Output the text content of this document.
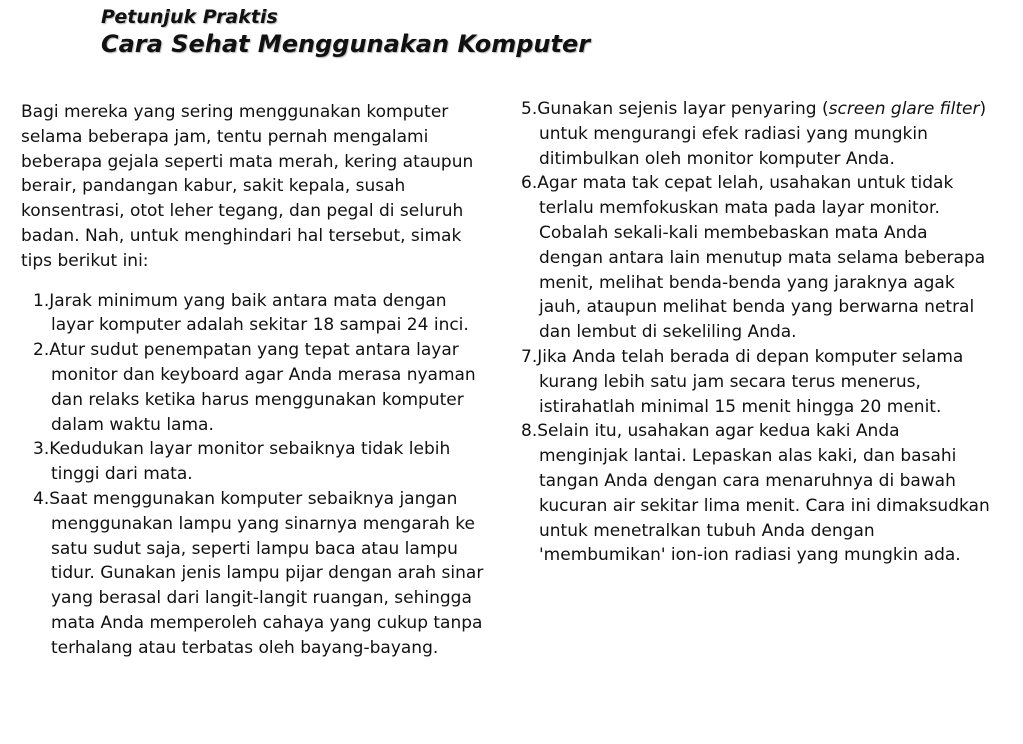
Petunjuk Praktis
Cara Sehat Menggunakan Komputer

Bagi mereka yang sering menggunakan komputer selama beberapa jam, tentu pernah mengalami beberapa gejala seperti mata merah, kering ataupun berair, pandangan kabur, sakit kepala, susah konsentrasi, otot leher tegang, dan pegal di seluruh badan. Nah, untuk menghindari hal tersebut, simak tips berikut ini:

1.Jarak minimum yang baik antara mata dengan layar komputer adalah sekitar 18 sampai 24 inci.
2.Atur sudut penempatan yang tepat antara layar monitor dan keyboard agar Anda merasa nyaman dan relaks ketika harus menggunakan komputer dalam waktu lama.
3.Kedudukan layar monitor sebaiknya tidak lebih tinggi dari mata.
4.Saat menggunakan komputer sebaiknya jangan menggunakan lampu yang sinarnya mengarah ke satu sudut saja, seperti lampu baca atau lampu tidur. Gunakan jenis lampu pijar dengan arah sinar yang berasal dari langit-langit ruangan, sehingga mata Anda memperoleh cahaya yang cukup tanpa terhalang atau terbatas oleh bayang-bayang.
5.Gunakan sejenis layar penyaring (screen glare filter) untuk mengurangi efek radiasi yang mungkin ditimbulkan oleh monitor komputer Anda.
6.Agar mata tak cepat lelah, usahakan untuk tidak terlalu memfokuskan mata pada layar monitor. Cobalah sekali-kali membebaskan mata Anda dengan antara lain menutup mata selama beberapa menit, melihat benda-benda yang jaraknya agak jauh, ataupun melihat benda yang berwarna netral dan lembut di sekeliling Anda.
7.Jika Anda telah berada di depan komputer selama kurang lebih satu jam secara terus menerus, istirahatlah minimal 15 menit hingga 20 menit.
8.Selain itu, usahakan agar kedua kaki Anda menginjak lantai. Lepaskan alas kaki, dan basahi tangan Anda dengan cara menaruhnya di bawah kucuran air sekitar lima menit. Cara ini dimaksudkan untuk menetralkan tubuh Anda dengan 'membumikan' ion-ion radiasi yang mungkin ada.
